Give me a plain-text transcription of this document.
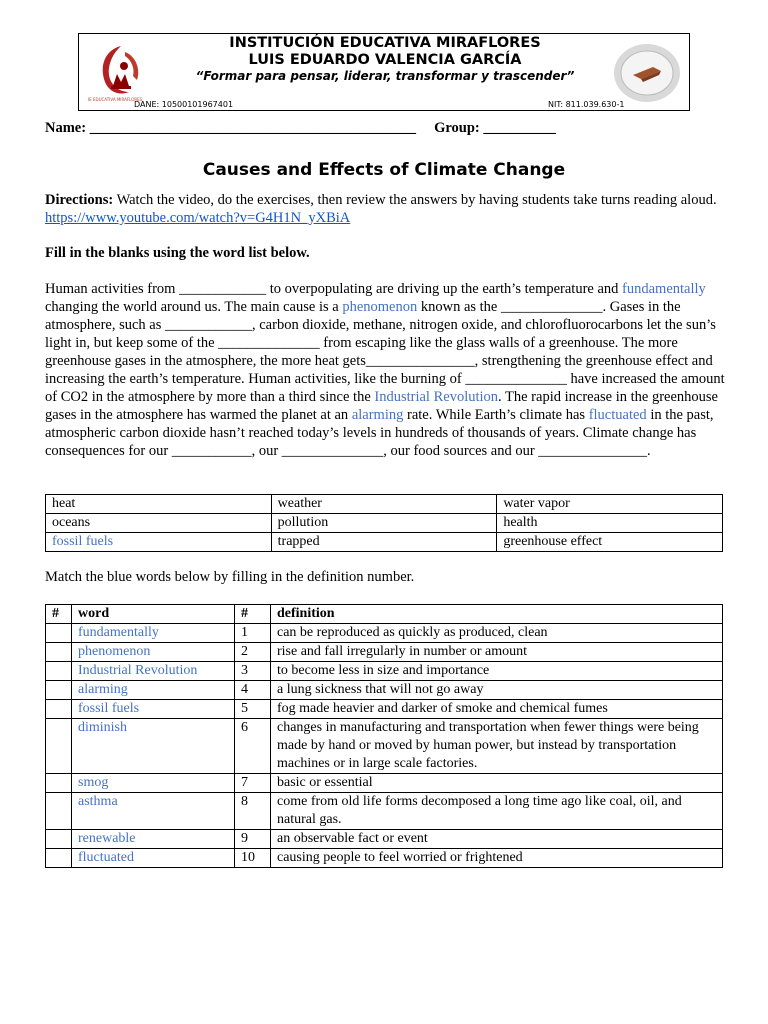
IE EDUCATIVA MIRAFLORES
INSTITUCIÓN EDUCATIVA MIRAFLORES
LUIS EDUARDO VALENCIA GARCÍA
“Formar para pensar, liderar, transformar y trascender”
DANE: 10500101967401	NIT: 811.039.630-1
Name: _____________________________________________     Group: __________
Causes and Effects of Climate Change
Directions: Watch the video, do the exercises, then review the answers by having students take turns reading aloud. https://www.youtube.com/watch?v=G4H1N_yXBiA
Fill in the blanks using the word list below.
Human activities from ____________ to overpopulating are driving up the earth’s temperature and fundamentally changing the world around us. The main cause is a phenomenon known as the ______________. Gases in the atmosphere, such as ____________, carbon dioxide, methane, nitrogen oxide, and chlorofluorocarbons let the sun’s light in, but keep some of the ______________ from escaping like the glass walls of a greenhouse. The more greenhouse gases in the atmosphere, the more heat gets_______________, strengthening the greenhouse effect and increasing the earth’s temperature. Human activities, like the burning of ______________ have increased the amount of CO2 in the atmosphere by more than a third since the Industrial Revolution. The rapid increase in the greenhouse gases in the atmosphere has warmed the planet at an alarming rate. While Earth’s climate has fluctuated in the past, atmospheric carbon dioxide hasn’t reached today’s levels in hundreds of thousands of years. Climate change has consequences for our ___________, our ______________, our food sources and our _______________.
heat	weather	water vapor
oceans	pollution	health
fossil fuels	trapped	greenhouse effect
Match the blue words below by filling in the definition number.
#	word	#	definition
	fundamentally	1	can be reproduced as quickly as produced, clean
	phenomenon	2	rise and fall irregularly in number or amount
	Industrial Revolution	3	to become less in size and importance
	alarming	4	a lung sickness that will not go away
	fossil fuels	5	fog made heavier and darker of smoke and chemical fumes
	diminish	6	changes in manufacturing and transportation when fewer things were being made by hand or moved by human power, but instead by transportation machines or in large scale factories.
	smog	7	basic or essential
	asthma	8	come from old life forms decomposed a long time ago like coal, oil, and natural gas.
	renewable	9	an observable fact or event
	fluctuated	10	causing people to feel worried or frightened
